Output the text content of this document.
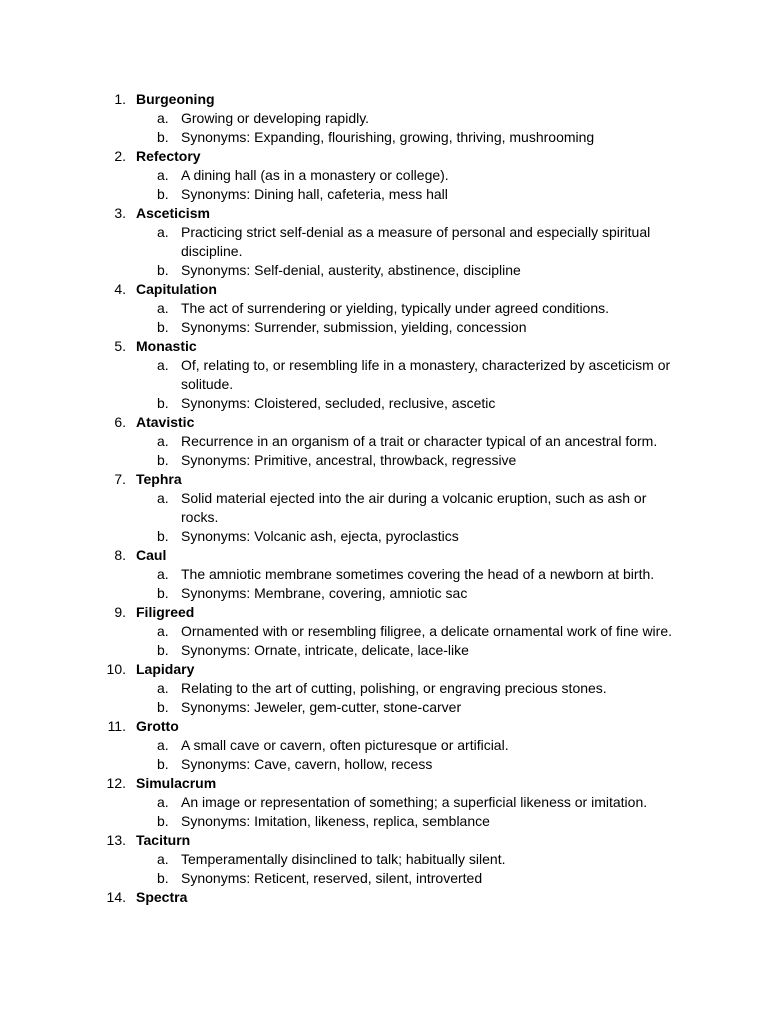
1. Burgeoning
a. Growing or developing rapidly.
b. Synonyms: Expanding, flourishing, growing, thriving, mushrooming
2. Refectory
a. A dining hall (as in a monastery or college).
b. Synonyms: Dining hall, cafeteria, mess hall
3. Asceticism
a. Practicing strict self-denial as a measure of personal and especially spiritual discipline.
b. Synonyms: Self-denial, austerity, abstinence, discipline
4. Capitulation
a. The act of surrendering or yielding, typically under agreed conditions.
b. Synonyms: Surrender, submission, yielding, concession
5. Monastic
a. Of, relating to, or resembling life in a monastery, characterized by asceticism or solitude.
b. Synonyms: Cloistered, secluded, reclusive, ascetic
6. Atavistic
a. Recurrence in an organism of a trait or character typical of an ancestral form.
b. Synonyms: Primitive, ancestral, throwback, regressive
7. Tephra
a. Solid material ejected into the air during a volcanic eruption, such as ash or rocks.
b. Synonyms: Volcanic ash, ejecta, pyroclastics
8. Caul
a. The amniotic membrane sometimes covering the head of a newborn at birth.
b. Synonyms: Membrane, covering, amniotic sac
9. Filigreed
a. Ornamented with or resembling filigree, a delicate ornamental work of fine wire.
b. Synonyms: Ornate, intricate, delicate, lace-like
10. Lapidary
a. Relating to the art of cutting, polishing, or engraving precious stones.
b. Synonyms: Jeweler, gem-cutter, stone-carver
11. Grotto
a. A small cave or cavern, often picturesque or artificial.
b. Synonyms: Cave, cavern, hollow, recess
12. Simulacrum
a. An image or representation of something; a superficial likeness or imitation.
b. Synonyms: Imitation, likeness, replica, semblance
13. Taciturn
a. Temperamentally disinclined to talk; habitually silent.
b. Synonyms: Reticent, reserved, silent, introverted
14. Spectra
